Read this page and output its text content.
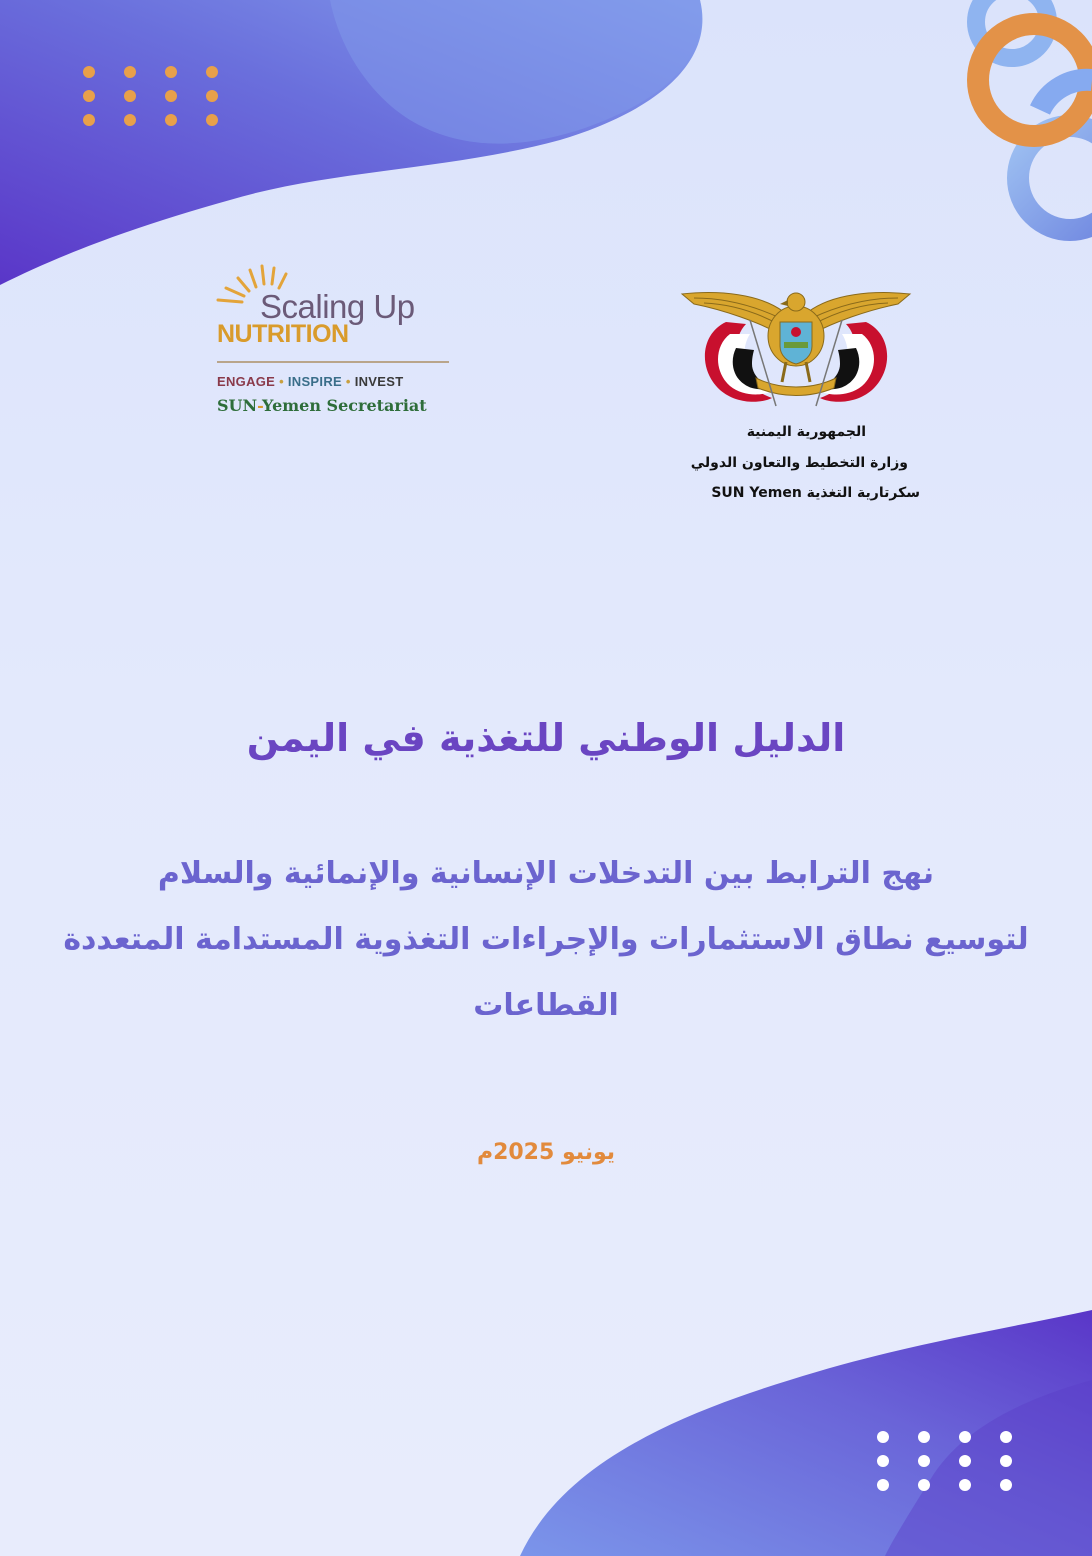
Scaling Up
NUTRITION
ENGAGE • INSPIRE • INVEST
SUN-Yemen Secretariat
الجمهورية اليمنية
وزارة التخطيط والتعاون الدولي
سكرتارية التغذية SUN Yemen
الدليل الوطني للتغذية في اليمن
نهج الترابط بين التدخلات الإنسانية والإنمائية والسلام
لتوسيع نطاق الاستثمارات والإجراءات التغذوية المستدامة المتعددة
القطاعات
يونيو 2025م
